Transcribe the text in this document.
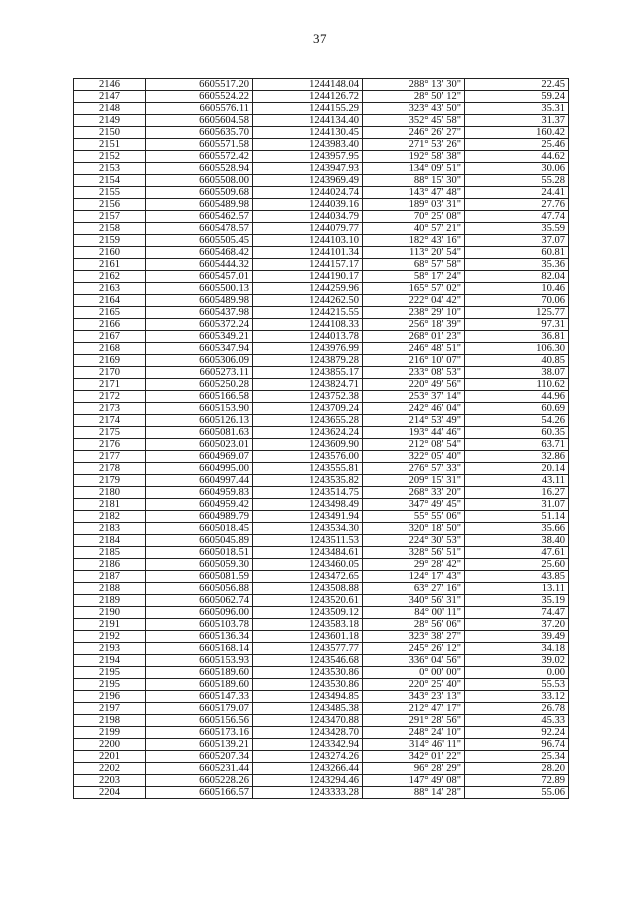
37
2146	6605517.20	1244148.04	288° 13' 30"	22.45
2147	6605524.22	1244126.72	28° 50' 12"	59.24
2148	6605576.11	1244155.29	323° 43' 50"	35.31
2149	6605604.58	1244134.40	352° 45' 58"	31.37
2150	6605635.70	1244130.45	246° 26' 27"	160.42
2151	6605571.58	1243983.40	271° 53' 26"	25.46
2152	6605572.42	1243957.95	192° 58' 38"	44.62
2153	6605528.94	1243947.93	134° 09' 51"	30.06
2154	6605508.00	1243969.49	88° 15' 30"	55.28
2155	6605509.68	1244024.74	143° 47' 48"	24.41
2156	6605489.98	1244039.16	189° 03' 31"	27.76
2157	6605462.57	1244034.79	70° 25' 08"	47.74
2158	6605478.57	1244079.77	40° 57' 21"	35.59
2159	6605505.45	1244103.10	182° 43' 16"	37.07
2160	6605468.42	1244101.34	113° 20' 54"	60.81
2161	6605444.32	1244157.17	68° 57' 58"	35.36
2162	6605457.01	1244190.17	58° 17' 24"	82.04
2163	6605500.13	1244259.96	165° 57' 02"	10.46
2164	6605489.98	1244262.50	222° 04' 42"	70.06
2165	6605437.98	1244215.55	238° 29' 10"	125.77
2166	6605372.24	1244108.33	256° 18' 39"	97.31
2167	6605349.21	1244013.78	268° 01' 23"	36.81
2168	6605347.94	1243976.99	246° 48' 51"	106.30
2169	6605306.09	1243879.28	216° 10' 07"	40.85
2170	6605273.11	1243855.17	233° 08' 53"	38.07
2171	6605250.28	1243824.71	220° 49' 56"	110.62
2172	6605166.58	1243752.38	253° 37' 14"	44.96
2173	6605153.90	1243709.24	242° 46' 04"	60.69
2174	6605126.13	1243655.28	214° 53' 49"	54.26
2175	6605081.63	1243624.24	193° 44' 46"	60.35
2176	6605023.01	1243609.90	212° 08' 54"	63.71
2177	6604969.07	1243576.00	322° 05' 40"	32.86
2178	6604995.00	1243555.81	276° 57' 33"	20.14
2179	6604997.44	1243535.82	209° 15' 31"	43.11
2180	6604959.83	1243514.75	268° 33' 20"	16.27
2181	6604959.42	1243498.49	347° 49' 45"	31.07
2182	6604989.79	1243491.94	55° 55' 06"	51.14
2183	6605018.45	1243534.30	320° 18' 50"	35.66
2184	6605045.89	1243511.53	224° 30' 53"	38.40
2185	6605018.51	1243484.61	328° 56' 51"	47.61
2186	6605059.30	1243460.05	29° 28' 42"	25.60
2187	6605081.59	1243472.65	124° 17' 43"	43.85
2188	6605056.88	1243508.88	63° 27' 16"	13.11
2189	6605062.74	1243520.61	340° 56' 31"	35.19
2190	6605096.00	1243509.12	84° 00' 11"	74.47
2191	6605103.78	1243583.18	28° 56' 06"	37.20
2192	6605136.34	1243601.18	323° 38' 27"	39.49
2193	6605168.14	1243577.77	245° 26' 12"	34.18
2194	6605153.93	1243546.68	336° 04' 56"	39.02
2195	6605189.60	1243530.86	0° 00' 00"	0.00
2195	6605189.60	1243530.86	220° 25' 40"	55.53
2196	6605147.33	1243494.85	343° 23' 13"	33.12
2197	6605179.07	1243485.38	212° 47' 17"	26.78
2198	6605156.56	1243470.88	291° 28' 56"	45.33
2199	6605173.16	1243428.70	248° 24' 10"	92.24
2200	6605139.21	1243342.94	314° 46' 11"	96.74
2201	6605207.34	1243274.26	342° 01' 22"	25.34
2202	6605231.44	1243266.44	96° 28' 29"	28.20
2203	6605228.26	1243294.46	147° 49' 08"	72.89
2204	6605166.57	1243333.28	88° 14' 28"	55.06
